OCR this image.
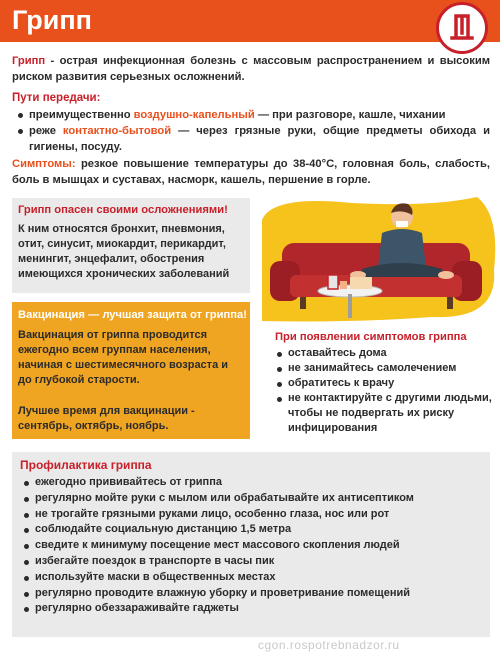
Грипп

Грипп - острая инфекционная болезнь с массовым распространением и высоким риском развития серьезных осложнений.

Пути передачи:
преимущественно воздушно-капельный — при разговоре, кашле, чихании
реже контактно-бытовой — через грязные руки, общие предметы обихода и гигиены, посуду.

Симптомы: резкое повышение температуры до 38-40°С, головная боль, слабость, боль в мышцах и суставах, насморк, кашель, першение в горле.

Грипп опасен своими осложнениями!
К ним относятся бронхит, пневмония, отит, синусит, миокардит, перикардит, менингит, энцефалит, обострения имеющихся хронических заболеваний
Вакцинация — лучшая защита от гриппа!
Вакцинация от гриппа проводится ежегодно всем группам населения, начиная с шестимесячного возраста и до глубокой старости.
Лучшее время для вакцинации - сентябрь, октябрь, ноябрь.
При появлении симптомов гриппа
оставайтесь дома
не занимайтесь самолечением
обратитесь к врачу
не контактируйте с другими людьми, чтобы не подвергать их риску инфицирования
Профилактика гриппа
ежегодно прививайтесь от гриппа
регулярно мойте руки с мылом или обрабатывайте их антисептиком
не трогайте грязными руками лицо, особенно глаза, нос или рот
соблюдайте социальную дистанцию 1,5 метра
сведите к минимуму посещение мест массового скопления людей
избегайте поездок в транспорте в часы пик
используйте маски в общественных местах
регулярно проводите влажную уборку и проветривание помещений
регулярно обеззараживайте гаджеты
cgon.rospotrebnadzor.ru
